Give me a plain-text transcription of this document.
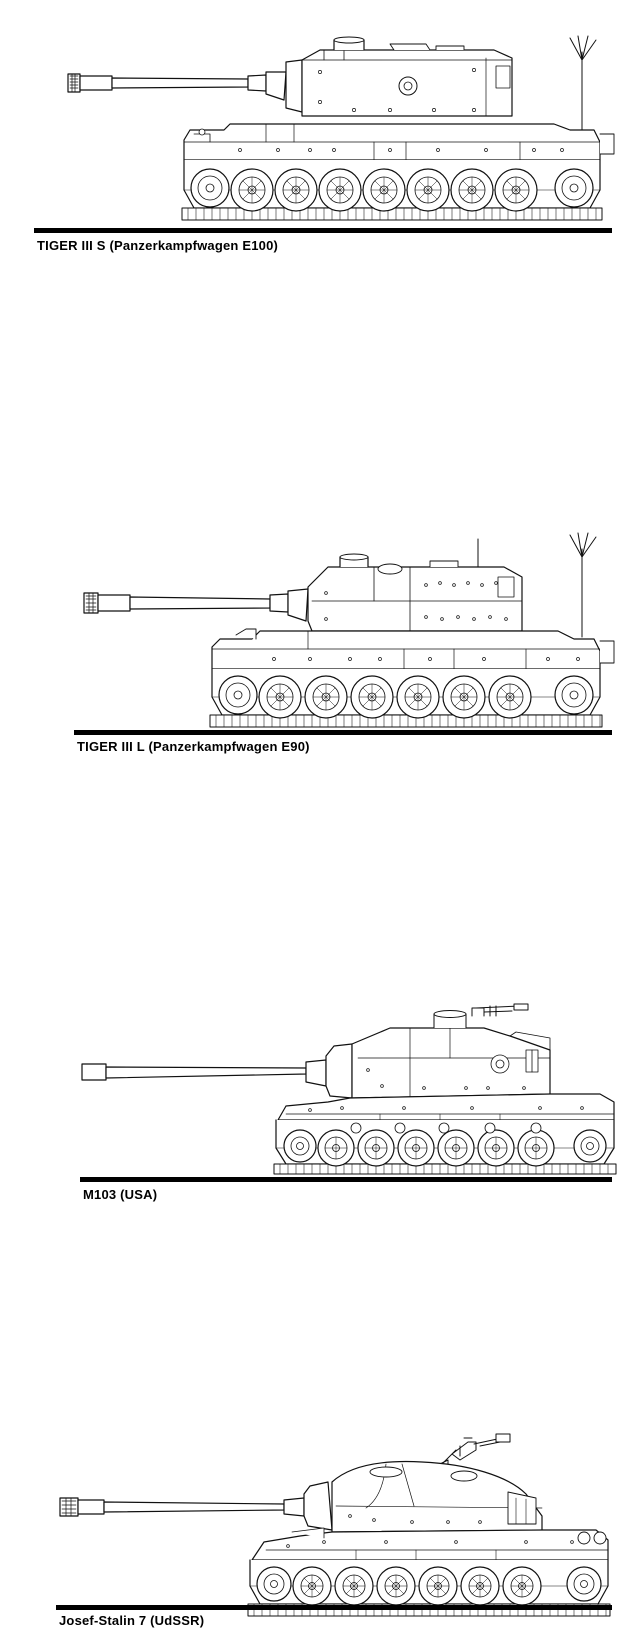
TIGER III S (Panzerkampfwagen E100)
TIGER III L (Panzerkampfwagen E90)
M103 (USA)
Josef-Stalin 7 (UdSSR)
